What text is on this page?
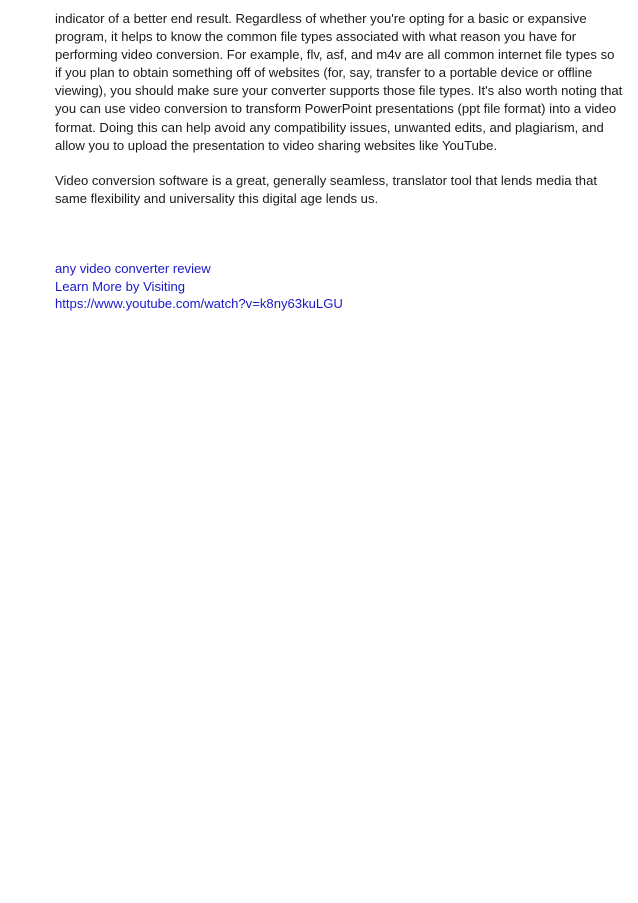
indicator of a better end result. Regardless of whether you're opting for a basic or expansive
program, it helps to know the common file types associated with what reason you have for
performing video conversion. For example, flv, asf, and m4v are all common internet file types so
if you plan to obtain something off of websites (for, say, transfer to a portable device or offline
viewing), you should make sure your converter supports those file types. It's also worth noting that
you can use video conversion to transform PowerPoint presentations (ppt file format) into a video
format. Doing this can help avoid any compatibility issues, unwanted edits, and plagiarism, and
allow you to upload the presentation to video sharing websites like YouTube.

Video conversion software is a great, generally seamless, translator tool that lends media that
same flexibility and universality this digital age lends us.

any video converter review
Learn More by Visiting
https://www.youtube.com/watch?v=k8ny63kuLGU
